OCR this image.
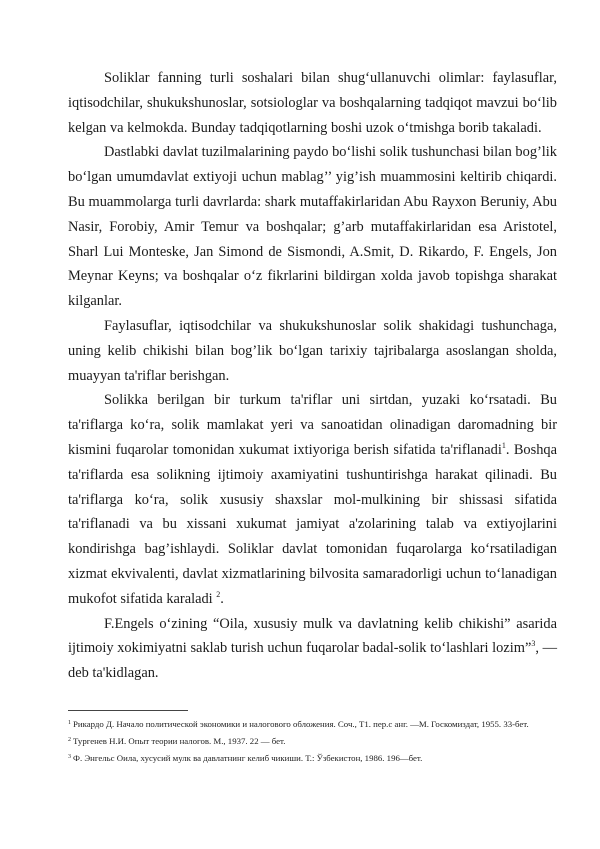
Soliklar fanning turli soshalari bilan shug‘ullanuvchi olimlar: faylasuflar, iqtisodchilar, shukukshunoslar, sotsiologlar va boshqalarning tadqiqot mavzui bo‘lib kelgan va kelmokda. Bunday tadqiqotlarning boshi uzok o‘tmishga borib takaladi.

Dastlabki davlat tuzilmalarining paydo bo‘lishi solik tushunchasi bilan bog’lik bo‘lgan umumdavlat extiyoji uchun mablag’’ yig’ish muammosini keltirib chiqardi. Bu muammolarga turli davrlarda: shark mutaffakirlaridan Abu Rayxon Beruniy, Abu Nasir, Forobiy, Amir Temur va boshqalar; g’arb mutaffakirlaridan esa Aristotel, Sharl Lui Monteske, Jan Simond de Sismondi, A.Smit, D. Rikardo, F. Engels, Jon Meynar Keyns; va boshqalar o‘z fikrlarini bildirgan xolda javob topishga sharakat kilganlar.

Faylasuflar, iqtisodchilar va shukukshunoslar solik shakidagi tushunchaga, uning kelib chikishi bilan bog’lik bo‘lgan tarixiy tajribalarga asoslangan sholda, muayyan ta'riflar berishgan.

Solikka berilgan bir turkum ta'riflar uni sirtdan, yuzaki ko‘rsatadi. Bu ta'riflarga ko‘ra, solik mamlakat yeri va sanoatidan olinadigan daromadning bir kismini fuqarolar tomonidan xukumat ixtiyoriga berish sifatida ta'riflanadi$^1$. Boshqa ta'riflarda esa solikning ijtimoiy axamiyatini tushuntirishga harakat qilinadi. Bu ta'riflarga ko‘ra, solik xususiy shaxslar mol-mulkining bir shissasi sifatida ta'riflanadi va bu xissani xukumat jamiyat a'zolarining talab va extiyojlarini kondirishga bag’ishlaydi. Soliklar davlat tomonidan fuqarolarga ko‘rsatiladigan xizmat ekvivalenti, davlat xizmatlarining bilvosita samaradorligi uchun to‘lanadigan mukofot sifatida karaladi $^2$.

F.Engels o‘zining “Oila, xususiy mulk va davlatning kelib chikishi” asarida ijtimoiy xokimiyatni saklab turish uchun fuqarolar badal-solik to‘lashlari lozim”$^3$, —deb ta'kidlagan.

$^1$ Рикардо Д. Начало политической экономики и налогового обложения. Соч., Т1. пер.с анг. —М. Госкомиздат, 1955. 33-бет.

$^2$ Тургенев Н.И. Опыт теории налогов. М., 1937. 22 — бет.

$^3$ Ф. Энгельс Оила, хусусий мулк ва давлатнинг келиб чикиши. Т.: Ўзбекистон, 1986. 196—бет.
